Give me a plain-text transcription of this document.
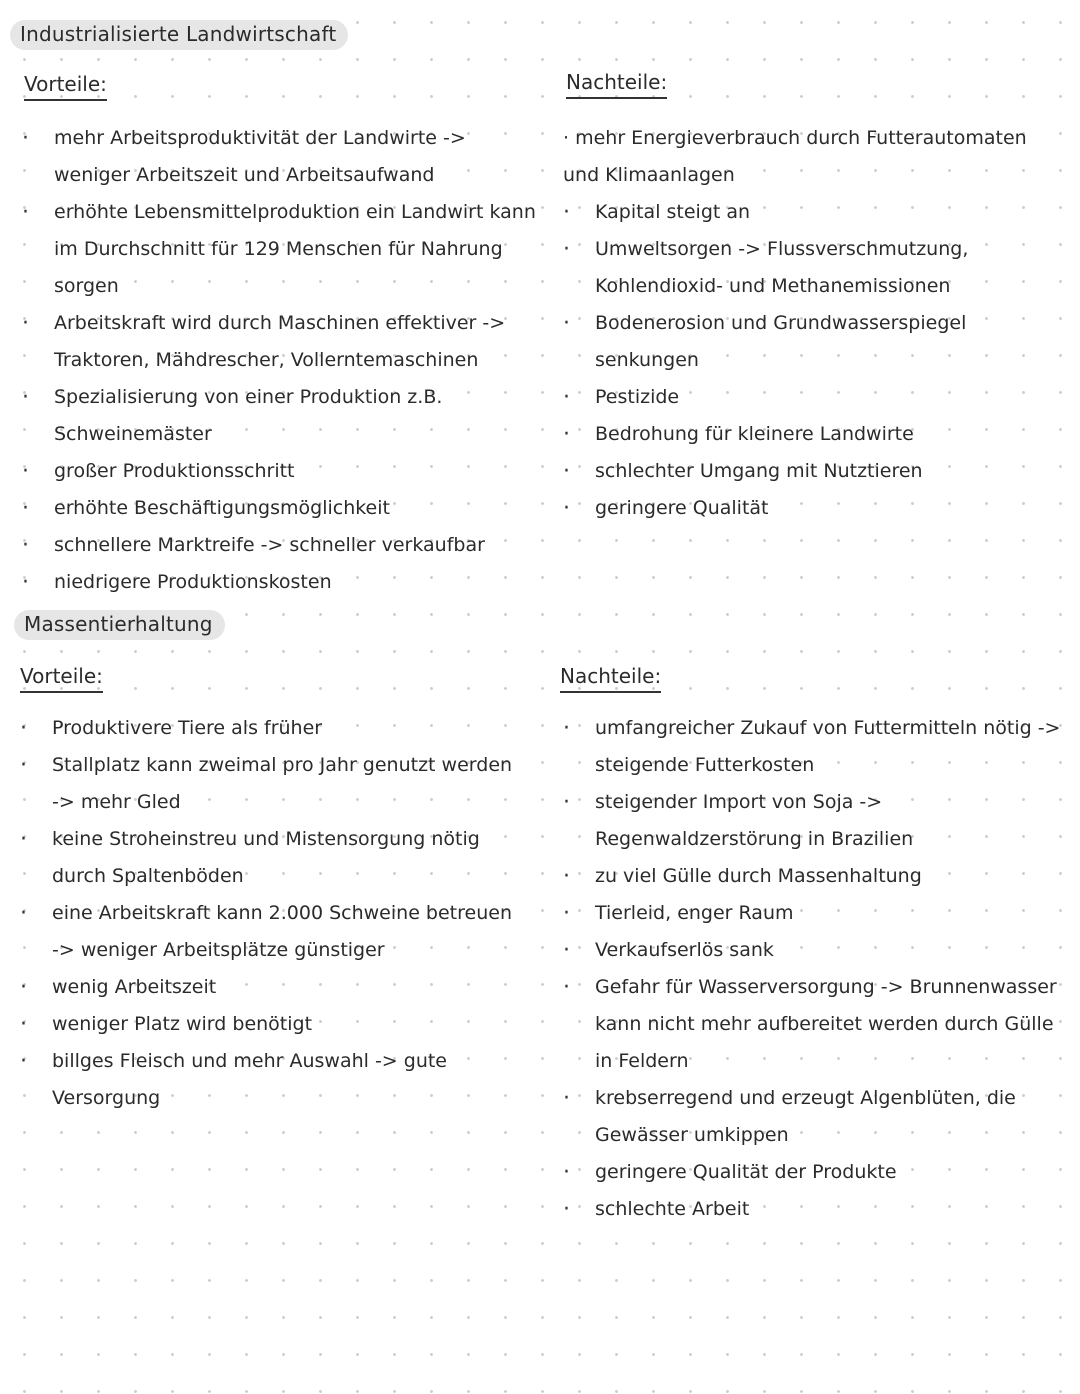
Industrialisierte Landwirtschaft
Vorteile:	Nachteile:
· mehr Arbeitsproduktivität der Landwirte -> weniger Arbeitszeit und Arbeitsaufwand
· erhöhte Lebensmittelproduktion ein Landwirt kann im Durchschnitt für 129 Menschen für Nahrung sorgen
· Arbeitskraft wird durch Maschinen effektiver -> Traktoren, Mähdrescher, Vollerntemaschinen
· Spezialisierung von einer Produktion z.B. Schweinemäster
· großer Produktionsschritt
· erhöhte Beschäftigungsmöglichkeit
· schnellere Marktreife -> schneller verkaufbar
· niedrigere Produktionskosten

· mehr Energieverbrauch durch Futterautomaten und Klimaanlagen

· Kapital steigt an
· Umweltsorgen -> Flussverschmutzung, Kohlendioxid- und Methanemissionen
· Bodenerosion und Grundwasserspiegel senkungen
· Pestizide
· Bedrohung für kleinere Landwirte
· schlechter Umgang mit Nutztieren
· geringere Qualität
Massentierhaltung
Vorteile:	Nachteile:
· Produktivere Tiere als früher
· Stallplatz kann zweimal pro Jahr genutzt werden -> mehr Gled
· keine Stroheinstreu und Mistensorgung nötig durch Spaltenböden
· eine Arbeitskraft kann 2.000 Schweine betreuen -> weniger Arbeitsplätze günstiger
· wenig Arbeitszeit
· weniger Platz wird benötigt
· billges Fleisch und mehr Auswahl -> gute Versorgung
· umfangreicher Zukauf von Futtermitteln nötig -> steigende Futterkosten
· steigender Import von Soja -> Regenwaldzerstörung in Brazilien
· zu viel Gülle durch Massenhaltung
· Tierleid, enger Raum
· Verkaufserlös sank
· Gefahr für Wasserversorgung -> Brunnenwasser kann nicht mehr aufbereitet werden durch Gülle in Feldern
· krebserregend und erzeugt Algenblüten, die Gewässer umkippen
· geringere Qualität der Produkte
· schlechte Arbeit
